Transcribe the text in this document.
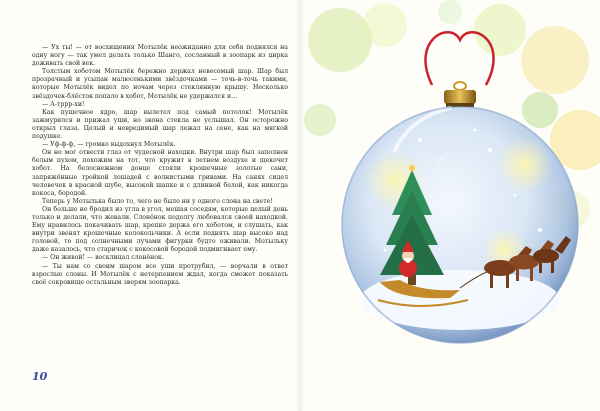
— Ух ты! — от восхищения Мотылёк неожиданно для себя поднялся на одну ногу — так умел делать только Шанго, сосланный в зоопарк из цирка доживать свой век.

Толстым хоботом Мотылёк бережно держал невесомый шар. Шар был прозрачный и усыпан малюсенькими звёздочками — точь-в-точь такими, которые Мотылёк видел по ночам через стеклянную крышу. Несколько звёздочек-блёсток попало в хобот, Мотылёк не удержался и…

— А-тррр-хи!

Как пушечное ядро, шар вылетел под самый потолок! Мотылёк зажмурился и прижал уши, но звона стекла не услышал. Он осторожно открыл глаза. Целый и невредимый шар лежал на сене, как на мягкой подушке.

— Уф-ф-ф, — громко выдохнул Мотылёк.

Он не мог отвести глаз от чудесной находки. Внутри шар был заполнен белым пухом, похожим на тот, что кружит в летнем воздухе и щекочет хобот. На белоснежном донце стояли крошечные золотые сани, запряжённые тройкой лошадей с волнистыми гривами. На санях сидел человечек в красной шубе, высокой шапке и с длинной белой, как никогда кокоса, бородой.

Теперь у Мотылька было то, чего не было ни у одного слона на свете!

Он больше не бродил из угла в угол, мешая соседям, которые целый день только и делали, что жевали. Слонёнок подолгу любовался своей находкой. Ему нравилось покачивать шар, крепко держа его хоботом, и слушать, как внутри звенят крошечные колокольчики. А если поднять шар высоко над головой, то под солнечными лучами фигурки будто оживали. Мотыльку даже казалось, что старичок с кокосовой бородой подмигивает ему.

— Он живой! — восклицал слонёнок.

— Ты нам со своим шаром все уши протрубил, — ворчали в ответ взрослые слоны. И Мотылёк с нетерпением ждал, когда сможет показать своё сокровище остальным зверям зоопарка.

10
